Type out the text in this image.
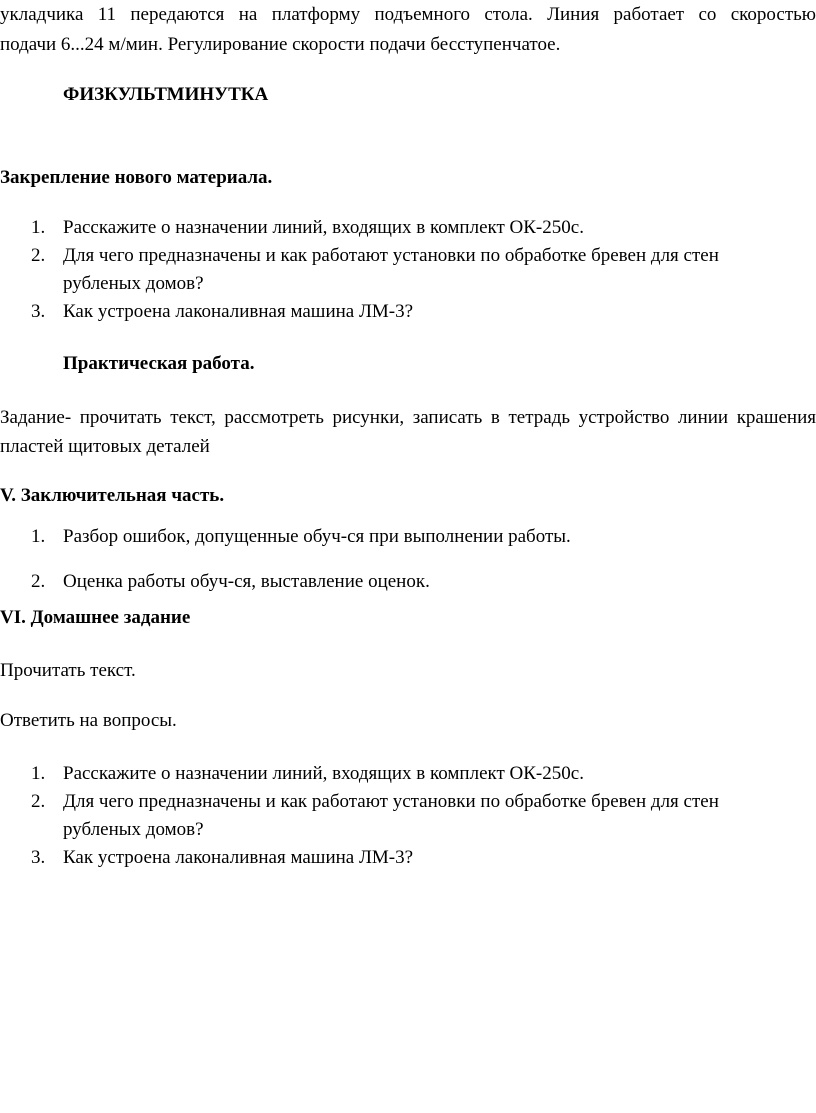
укладчика 11 передаются на платформу подъемного стола. Линия работает со скоростью

подачи 6...24 м/мин. Регулирование скорости подачи бесступенчатое.

ФИЗКУЛЬТМИНУТКА

Закрепление нового материала.

1. Расскажите о назначении линий, входящих в комплект ОК-250с.
2. Для чего предназначены и как работают установки по обработке бревен для стен рубленых домов?
3. Как устроена лаконаливная машина ЛМ-3?

Практическая работа.

Задание- прочитать текст, рассмотреть рисунки, записать в тетрадь устройство линии крашения пластей щитовых деталей

V. Заключительная часть.

1. Разбор ошибок, допущенные обуч-ся при выполнении работы.
2. Оценка работы обуч-ся, выставление оценок.

VI. Домашнее задание

Прочитать текст.

Ответить на вопросы.

1. Расскажите о назначении линий, входящих в комплект ОК-250с.
2. Для чего предназначены и как работают установки по обработке бревен для стен рубленых домов?
3. Как устроена лаконаливная машина ЛМ-3?
